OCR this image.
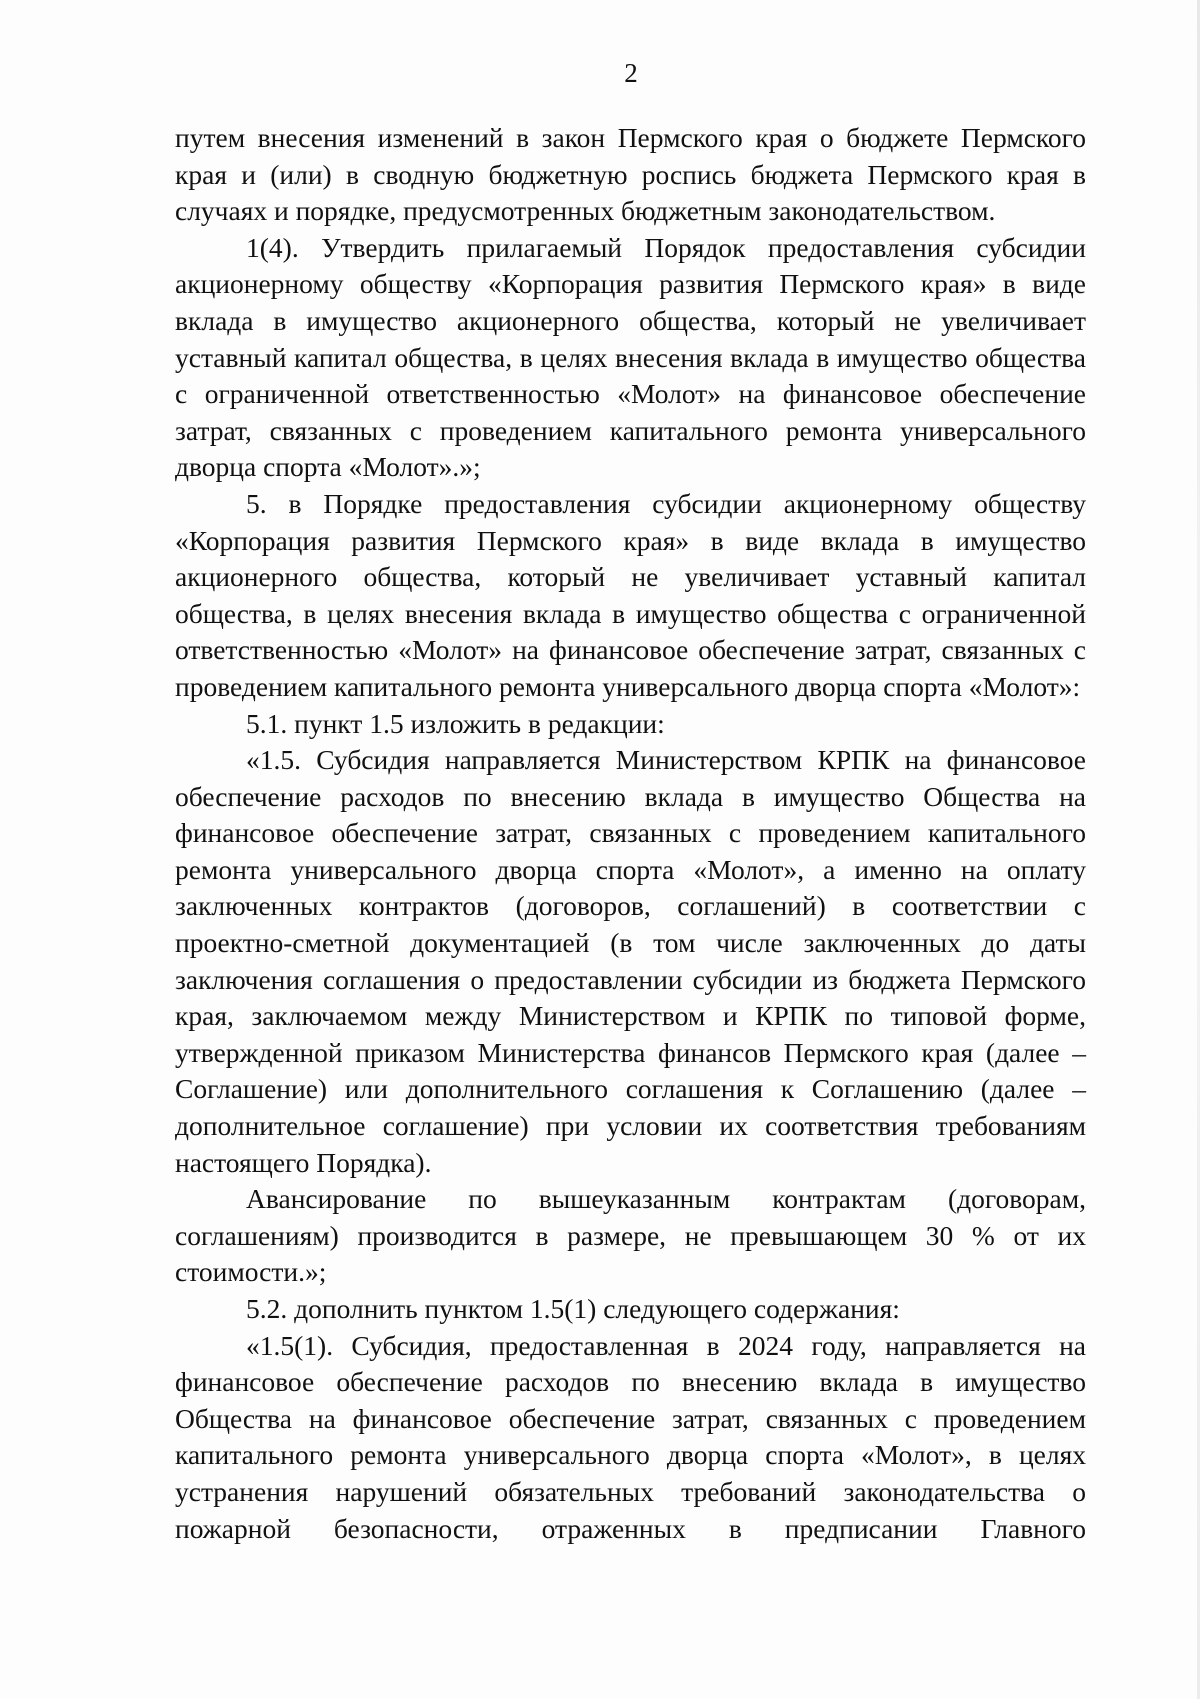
2

путем внесения изменений в закон Пермского края о бюджете Пермского края и (или) в сводную бюджетную роспись бюджета Пермского края в случаях и порядке, предусмотренных бюджетным законодательством.

1(4). Утвердить прилагаемый Порядок предоставления субсидии акционерному обществу «Корпорация развития Пермского края» в виде вклада в имущество акционерного общества, который не увеличивает уставный капитал общества, в целях внесения вклада в имущество общества с ограниченной ответственностью «Молот» на финансовое обеспечение затрат, связанных с проведением капитального ремонта универсального дворца спорта «Молот».»;

5. в Порядке предоставления субсидии акционерному обществу «Корпорация развития Пермского края» в виде вклада в имущество акционерного общества, который не увеличивает уставный капитал общества, в целях внесения вклада в имущество общества с ограниченной ответственностью «Молот» на финансовое обеспечение затрат, связанных с проведением капитального ремонта универсального дворца спорта «Молот»:

5.1. пункт 1.5 изложить в редакции:

«1.5. Субсидия направляется Министерством КРПК на финансовое обеспечение расходов по внесению вклада в имущество Общества на финансовое обеспечение затрат, связанных с проведением капитального ремонта универсального дворца спорта «Молот», а именно на оплату заключенных контрактов (договоров, соглашений) в соответствии с проектно-сметной документацией (в том числе заключенных до даты заключения соглашения о предоставлении субсидии из бюджета Пермского края, заключаемом между Министерством и КРПК по типовой форме, утвержденной приказом Министерства финансов Пермского края (далее – Соглашение) или дополнительного соглашения к Соглашению (далее – дополнительное соглашение) при условии их соответствия требованиям настоящего Порядка).

Авансирование по вышеуказанным контрактам (договорам, соглашениям) производится в размере, не превышающем 30 % от их стоимости.»;

5.2. дополнить пунктом 1.5(1) следующего содержания:

«1.5(1). Субсидия, предоставленная в 2024 году, направляется на финансовое обеспечение расходов по внесению вклада в имущество Общества на финансовое обеспечение затрат, связанных с проведением капитального ремонта универсального дворца спорта «Молот», в целях устранения нарушений обязательных требований законодательства о пожарной безопасности, отраженных в предписании Главного
